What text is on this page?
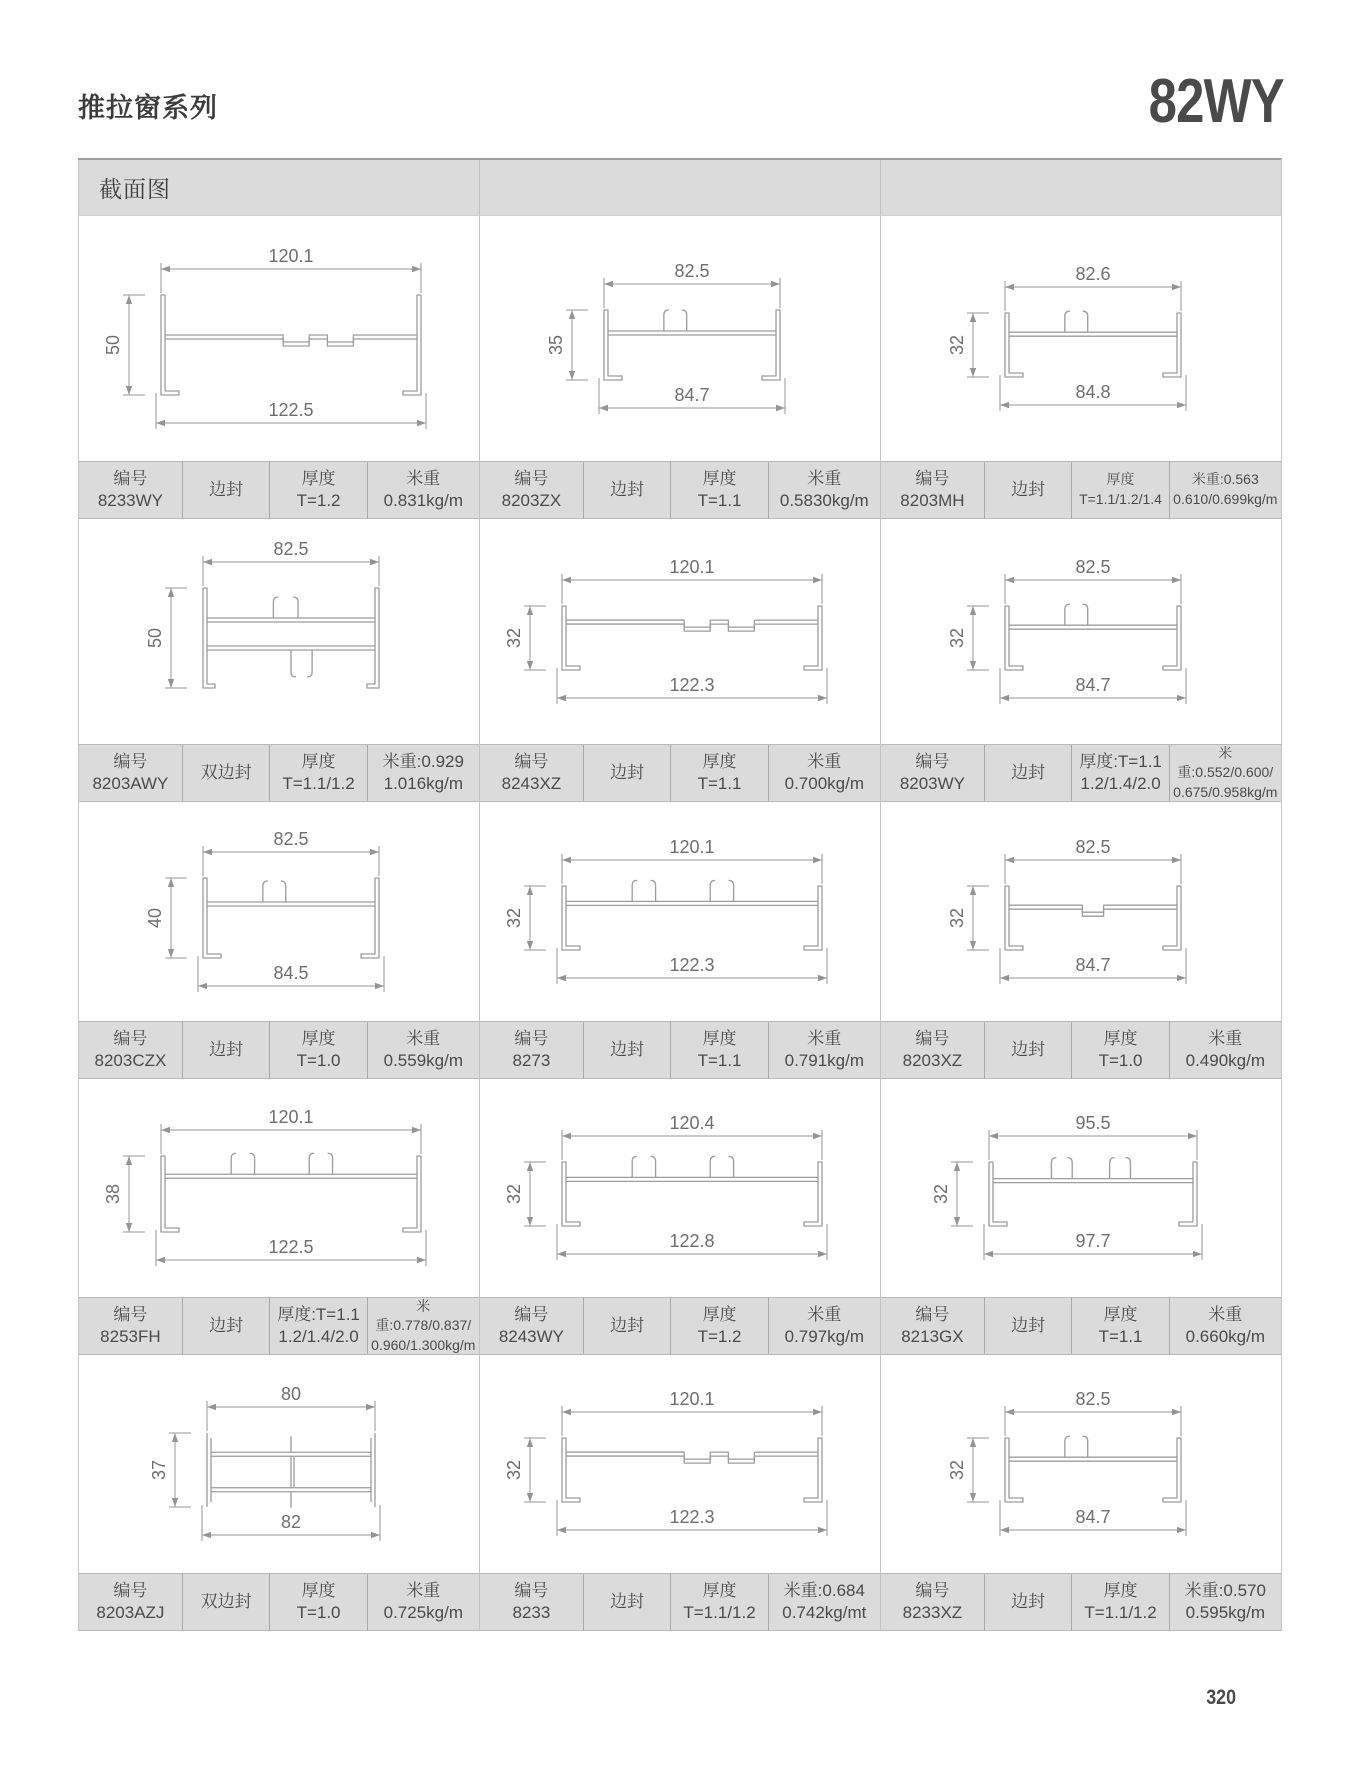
推拉窗系列	82WY
截面图
120.1
122.5
50
编号
8233WY
边封
厚度
T=1.2
米重
0.831kg/m
82.5
84.7
35
编号
8203ZX
边封
厚度
T=1.1
米重
0.5830kg/m
82.6
84.8
32
编号
8203MH
边封
厚度
T=1.1/1.2/1.4
米重:0.563
0.610/0.699kg/m
82.5
50
编号
8203AWY
双边封
厚度
T=1.1/1.2
米重:0.929
1.016kg/m
120.1
122.3
32
编号
8243XZ
边封
厚度
T=1.1
米重
0.700kg/m
82.5
84.7
32
编号
8203WY
边封
厚度:T=1.1
1.2/1.4/2.0
米重:0.552/0.600/
0.675/0.958kg/m
82.5
84.5
40
编号
8203CZX
边封
厚度
T=1.0
米重
0.559kg/m
120.1
122.3
32
编号
8273
边封
厚度
T=1.1
米重
0.791kg/m
82.5
84.7
32
编号
8203XZ
边封
厚度
T=1.0
米重
0.490kg/m
120.1
122.5
38
编号
8253FH
边封
厚度:T=1.1
1.2/1.4/2.0
米重:0.778/0.837/
0.960/1.300kg/m
120.4
122.8
32
编号
8243WY
边封
厚度
T=1.2
米重
0.797kg/m
95.5
97.7
32
编号
8213GX
边封
厚度
T=1.1
米重
0.660kg/m
80
82
37
编号
8203AZJ
双边封
厚度
T=1.0
米重
0.725kg/m
120.1
122.3
32
编号
8233
边封
厚度
T=1.1/1.2
米重:0.684
0.742kg/mt
82.5
84.7
32
编号
8233XZ
边封
厚度
T=1.1/1.2
米重:0.570
0.595kg/m
320
